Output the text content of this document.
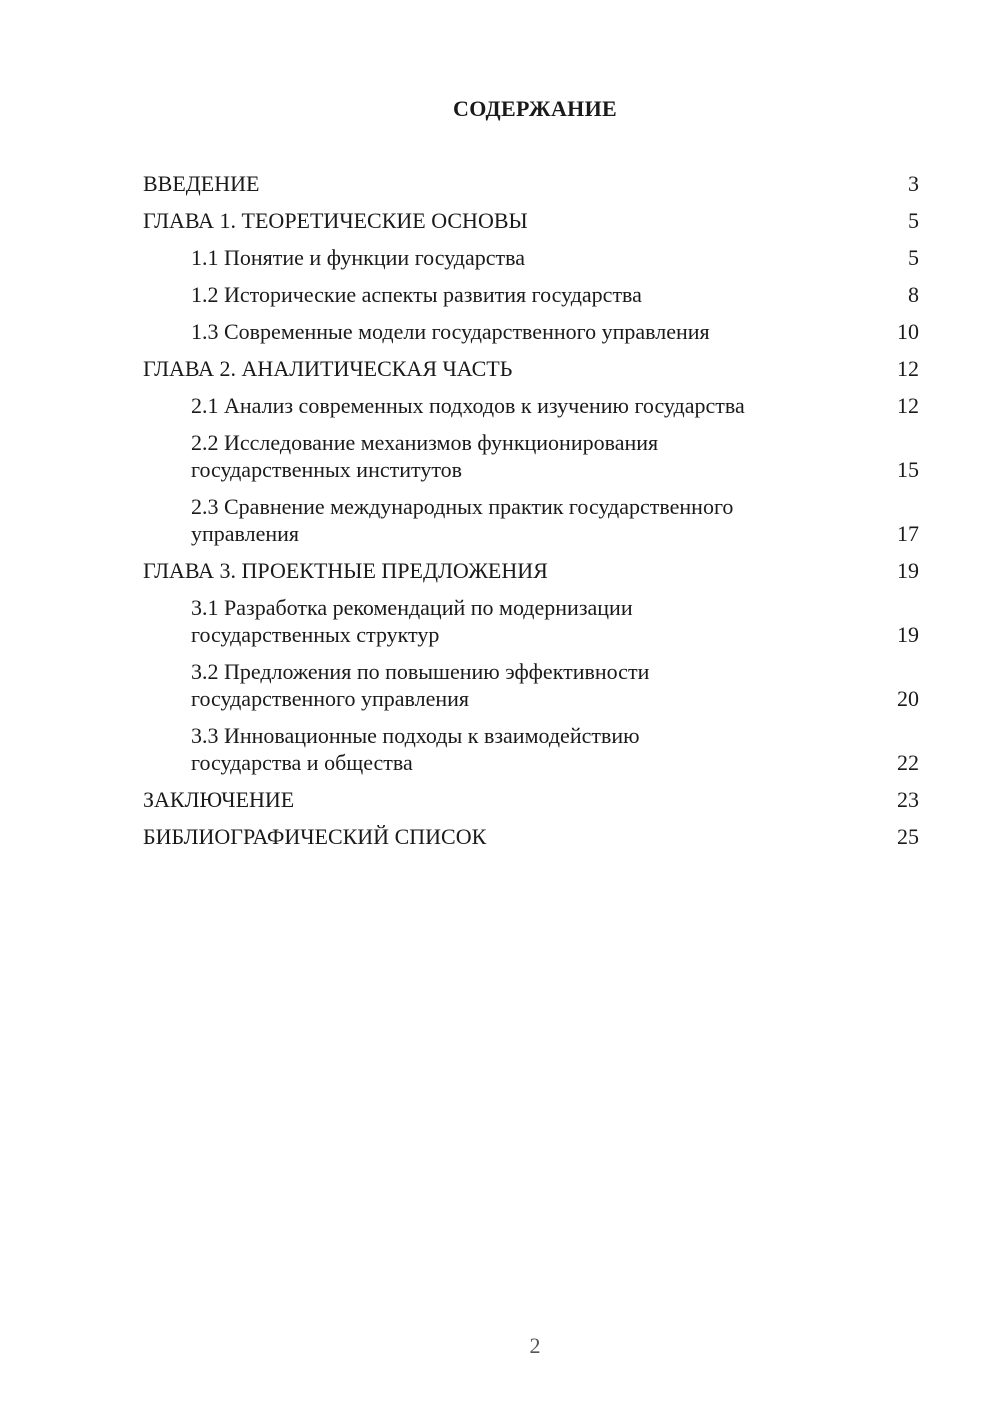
СОДЕРЖАНИЕ
ВВЕДЕНИЕ	3
ГЛАВА 1. ТЕОРЕТИЧЕСКИЕ ОСНОВЫ	5
1.1 Понятие и функции государства	5
1.2 Исторические аспекты развития государства	8
1.3 Современные модели государственного управления	10
ГЛАВА 2. АНАЛИТИЧЕСКАЯ ЧАСТЬ	12
2.1 Анализ современных подходов к изучению государства	12
2.2 Исследование механизмов функционирования
государственных институтов	15
2.3 Сравнение международных практик государственного
управления	17
ГЛАВА 3. ПРОЕКТНЫЕ ПРЕДЛОЖЕНИЯ	19
3.1 Разработка рекомендаций по модернизации
государственных структур	19
3.2 Предложения по повышению эффективности
государственного управления	20
3.3 Инновационные подходы к взаимодействию
государства и общества	22
ЗАКЛЮЧЕНИЕ	23
БИБЛИОГРАФИЧЕСКИЙ СПИСОК	25
2
